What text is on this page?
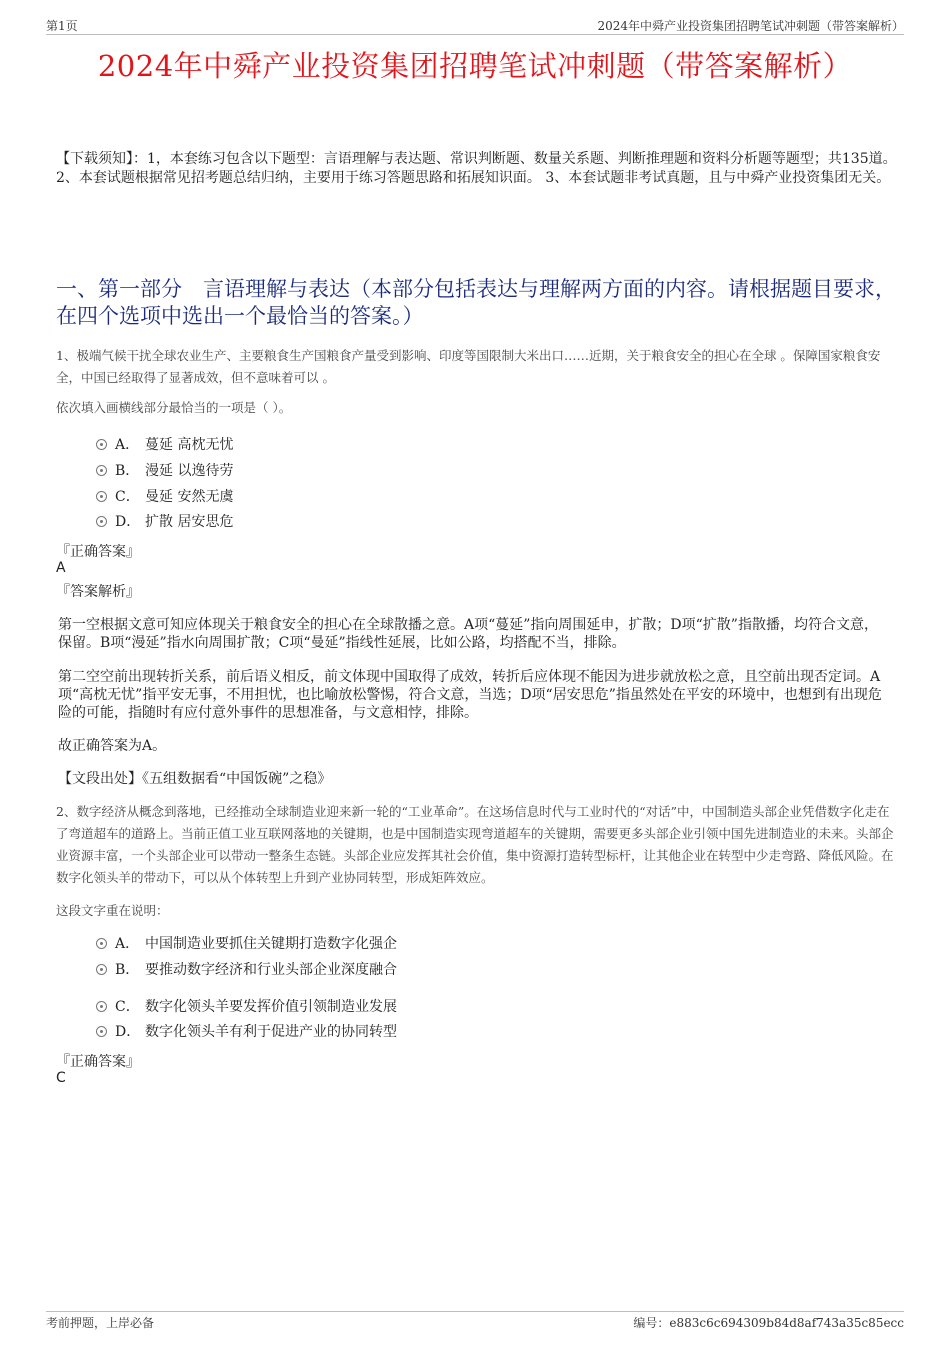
第1页	2024年中舜产业投资集团招聘笔试冲刺题（带答案解析）
2024年中舜产业投资集团招聘笔试冲刺题（带答案解析）
【下载须知】：1，本套练习包含以下题型：言语理解与表达题、常识判断题、数量关系题、判断推理题和资料分析题等题型；共135道。 2、本套试题根据常见招考题总结归纳，主要用于练习答题思路和拓展知识面。 3、本套试题非考试真题，且与中舜产业投资集团无关。
一、第一部分　言语理解与表达（本部分包括表达与理解两方面的内容。请根据题目要求，在四个选项中选出一个最恰当的答案。）
1、极端气候干扰全球农业生产、主要粮食生产国粮食产量受到影响、印度等国限制大米出口……近期，关于粮食安全的担心在全球 。保障国家粮食安全，中国已经取得了显著成效，但不意味着可以 。
依次填入画横线部分最恰当的一项是（ ）。
A． 蔓延 高枕无忧
B． 漫延 以逸待劳
C． 曼延 安然无虞
D． 扩散 居安思危
『正确答案』
A
『答案解析』
第一空根据文意可知应体现关于粮食安全的担心在全球散播之意。A项“蔓延”指向周围延申，扩散；D项“扩散”指散播，均符合文意，保留。B项“漫延”指水向周围扩散；C项“曼延”指线性延展，比如公路，均搭配不当，排除。
第二空空前出现转折关系，前后语义相反，前文体现中国取得了成效，转折后应体现不能因为进步就放松之意，且空前出现否定词。A项“高枕无忧”指平安无事，不用担忧，也比喻放松警惕，符合文意，当选；D项“居安思危”指虽然处在平安的环境中，也想到有出现危险的可能，指随时有应付意外事件的思想准备，与文意相悖，排除。
故正确答案为A。
【文段出处】《五组数据看“中国饭碗”之稳》
2、数字经济从概念到落地，已经推动全球制造业迎来新一轮的“工业革命”。在这场信息时代与工业时代的“对话”中，中国制造头部企业凭借数字化走在了弯道超车的道路上。当前正值工业互联网落地的关键期，也是中国制造实现弯道超车的关键期，需要更多头部企业引领中国先进制造业的未来。头部企业资源丰富，一个头部企业可以带动一整条生态链。头部企业应发挥其社会价值，集中资源打造转型标杆，让其他企业在转型中少走弯路、降低风险。在数字化领头羊的带动下，可以从个体转型上升到产业协同转型，形成矩阵效应。
这段文字重在说明：
A． 中国制造业要抓住关键期打造数字化强企
B． 要推动数字经济和行业头部企业深度融合
C． 数字化领头羊要发挥价值引领制造业发展
D． 数字化领头羊有利于促进产业的协同转型
『正确答案』
C
考前押题，上岸必备	编号：e883c6c694309b84d8af743a35c85ecc
